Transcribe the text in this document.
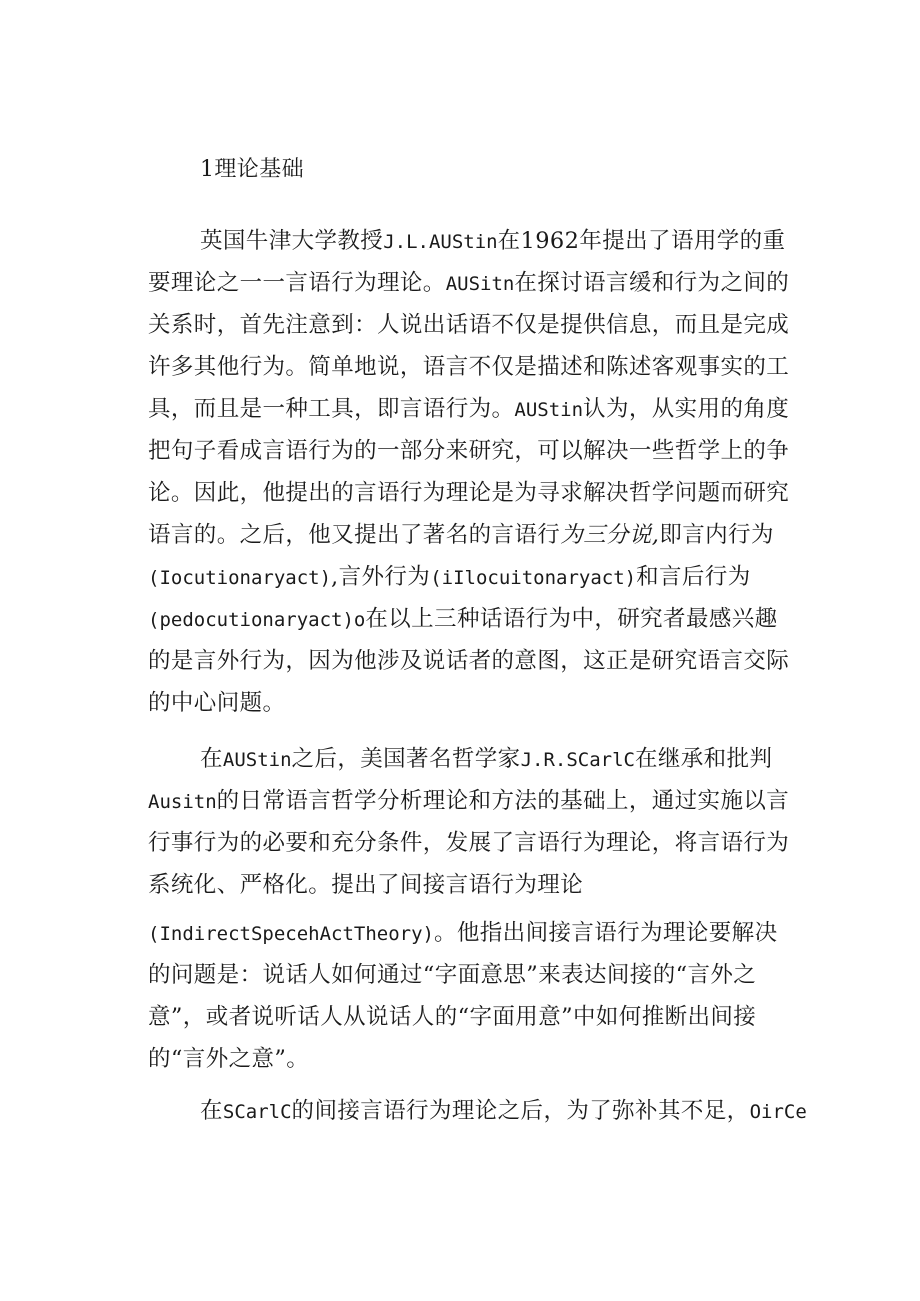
1理论基础
英国牛津大学教授J.L.AUStin在1962年提出了语用学的重
要理论之一一言语行为理论。AUSitn在探讨语言缓和行为之间的
关系时，首先注意到：人说出话语不仅是提供信息，而且是完成
许多其他行为。简单地说，语言不仅是描述和陈述客观事实的工
具，而且是一种工具，即言语行为。AUStin认为，从实用的角度
把句子看成言语行为的一部分来研究，可以解决一些哲学上的争
论。因此，他提出的言语行为理论是为寻求解决哲学问题而研究
语言的。之后，他又提出了著名的言语行为三分说,即言内行为
(Iocutionaryact),言外行为(iIlocuitonaryact)和言后行为
(pedocutionaryact)o在以上三种话语行为中，研究者最感兴趣
的是言外行为，因为他涉及说话者的意图，这正是研究语言交际
的中心问题。
在AUStin之后，美国著名哲学家J.R.SCarlC在继承和批判
Ausitn的日常语言哲学分析理论和方法的基础上，通过实施以言
行事行为的必要和充分条件，发展了言语行为理论，将言语行为
系统化、严格化。提出了间接言语行为理论
(IndirectSpecehActTheory)。他指出间接言语行为理论要解决
的问题是：说话人如何通过“字面意思”来表达间接的“言外之
意”，或者说听话人从说话人的“字面用意”中如何推断出间接
的“言外之意”。
在SCarlC的间接言语行为理论之后，为了弥补其不足，OirCe
